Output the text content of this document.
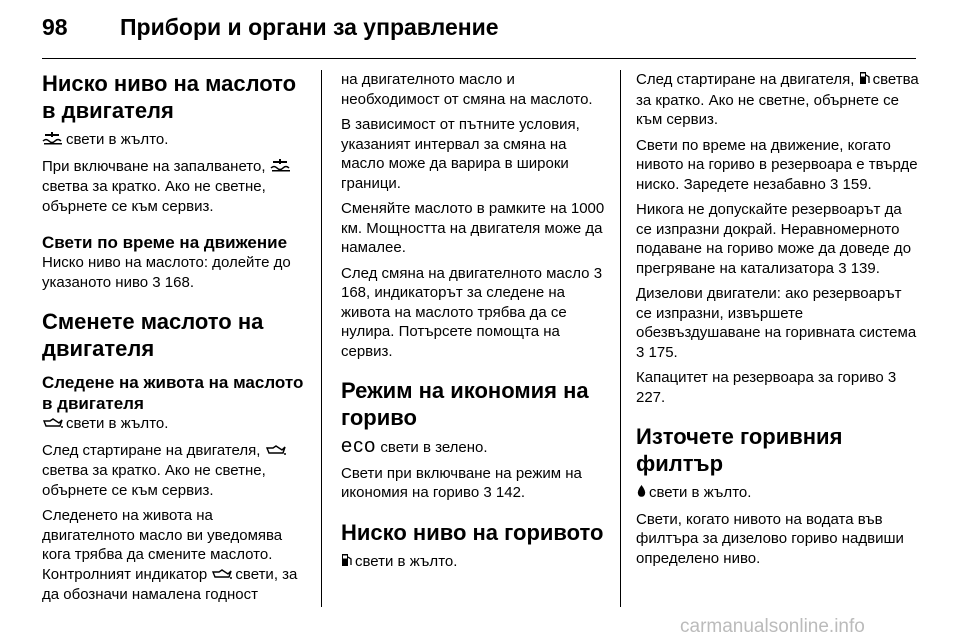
98 Прибори и органи за управление
Ниско ниво на маслото в двигателя

свети в жълто.

При включване на запалването, светва за кратко. Ако не светне, обърнете се към сервиз.

Свети по време на движение

Ниско ниво на маслото: долейте до указаното ниво 3 168.

Сменете маслото на двигателя
Следене на живота на маслото в двигателя

свети в жълто.

След стартиране на двигателя, светва за кратко. Ако не светне, обърнете се към сервиз.

Следенето на живота на двигателното масло ви уведомява кога трябва да смените маслото. Контролният индикатор свети, за да обозначи намалена годност

на двигателното масло и необходимост от смяна на маслото.

В зависимост от пътните условия, указаният интервал за смяна на масло може да варира в широки граници.

Сменяйте маслото в рамките на 1000 км. Мощността на двигателя може да намалее.

След смяна на двигателното масло 3 168, индикаторът за следене на живота на маслото трябва да се нулира. Потърсете помощта на сервиз.

Режим на икономия на гориво

eco свети в зелено.

Свети при включване на режим на икономия на гориво 3 142.

Ниско ниво на горивото

свети в жълто.

След стартиране на двигателя, светва за кратко. Ако не светне, обърнете се към сервиз.

Свети по време на движение, когато нивото на гориво в резервоара е твърде ниско. Заредете незабавно 3 159.

Никога не допускайте резервоарът да се изпразни докрай. Неравномерното подаване на гориво може да доведе до прегряване на катализатора 3 139.

Дизелови двигатели: ако резервоарът се изпразни, извършете обезвъздушаване на горивната система 3 175.

Капацитет на резервоара за гориво 3 227.

Източете горивния филтър

свети в жълто.

Свети, когато нивото на водата във филтъра за дизелово гориво надвиши определено ниво.

carmanualsonline.info
